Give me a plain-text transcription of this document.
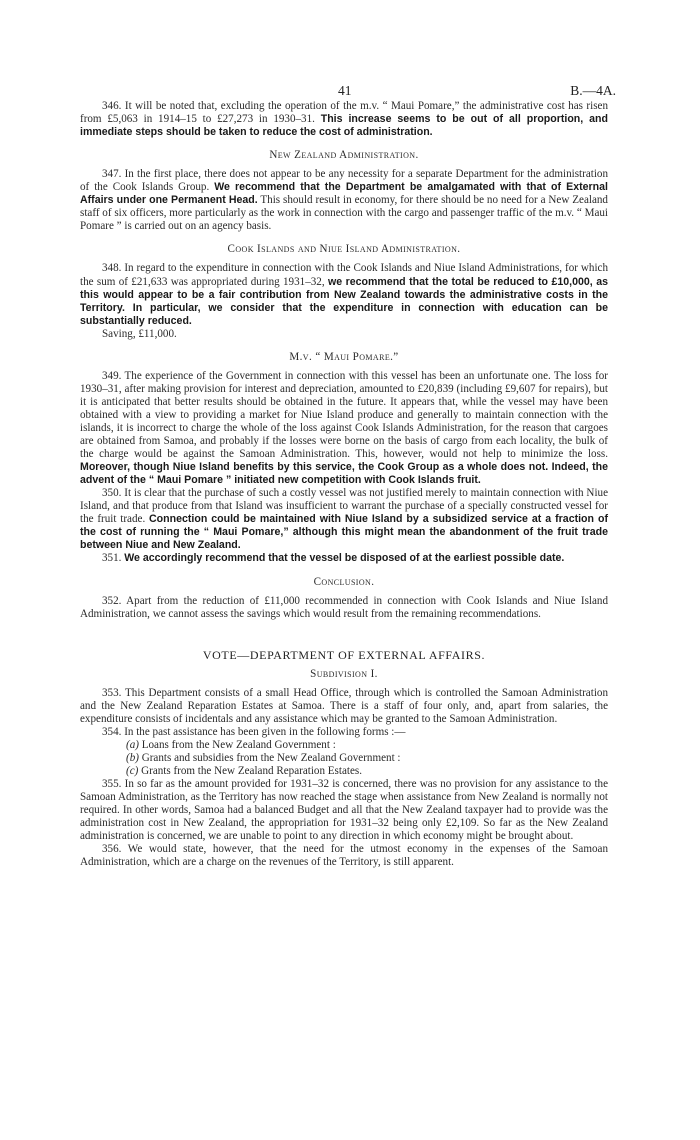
41	B.—4A.

346. It will be noted that, excluding the operation of the m.v. “ Maui Pomare,” the administrative cost has risen from £5,063 in 1914–15 to £27,273 in 1930–31. This increase seems to be out of all proportion, and immediate steps should be taken to reduce the cost of administration.

New Zealand Administration.

347. In the first place, there does not appear to be any necessity for a separate Department for the administration of the Cook Islands Group. We recommend that the Department be amalgamated with that of External Affairs under one Permanent Head. This should result in economy, for there should be no need for a New Zealand staff of six officers, more particularly as the work in connection with the cargo and passenger traffic of the m.v. “ Maui Pomare ” is carried out on an agency basis.

Cook Islands and Niue Island Administration.

348. In regard to the expenditure in connection with the Cook Islands and Niue Island Administrations, for which the sum of £21,633 was appropriated during 1931–32, we recommend that the total be reduced to £10,000, as this would appear to be a fair contribution from New Zealand towards the administrative costs in the Territory. In particular, we consider that the expenditure in connection with education can be substantially reduced.

Saving, £11,000.

M.v. “ Maui Pomare.”

349. The experience of the Government in connection with this vessel has been an unfortunate one. The loss for 1930–31, after making provision for interest and depreciation, amounted to £20,839 (including £9,607 for repairs), but it is anticipated that better results should be obtained in the future. It appears that, while the vessel may have been obtained with a view to providing a market for Niue Island produce and generally to maintain connection with the islands, it is incorrect to charge the whole of the loss against Cook Islands Administration, for the reason that cargoes are obtained from Samoa, and probably if the losses were borne on the basis of cargo from each locality, the bulk of the charge would be against the Samoan Administration. This, however, would not help to minimize the loss. Moreover, though Niue Island benefits by this service, the Cook Group as a whole does not. Indeed, the advent of the “ Maui Pomare ” initiated new competition with Cook Islands fruit.

350. It is clear that the purchase of such a costly vessel was not justified merely to maintain connection with Niue Island, and that produce from that Island was insufficient to warrant the purchase of a specially constructed vessel for the fruit trade. Connection could be maintained with Niue Island by a subsidized service at a fraction of the cost of running the “ Maui Pomare,” although this might mean the abandonment of the fruit trade between Niue and New Zealand.

351. We accordingly recommend that the vessel be disposed of at the earliest possible date.

Conclusion.

352. Apart from the reduction of £11,000 recommended in connection with Cook Islands and Niue Island Administration, we cannot assess the savings which would result from the remaining recommendations.

VOTE—DEPARTMENT OF EXTERNAL AFFAIRS.
Subdivision I.

353. This Department consists of a small Head Office, through which is controlled the Samoan Administration and the New Zealand Reparation Estates at Samoa. There is a staff of four only, and, apart from salaries, the expenditure consists of incidentals and any assistance which may be granted to the Samoan Administration.

354. In the past assistance has been given in the following forms :—

(a) Loans from the New Zealand Government :
(b) Grants and subsidies from the New Zealand Government :
(c) Grants from the New Zealand Reparation Estates.

355. In so far as the amount provided for 1931–32 is concerned, there was no provision for any assistance to the Samoan Administration, as the Territory has now reached the stage when assistance from New Zealand is normally not required. In other words, Samoa had a balanced Budget and all that the New Zealand taxpayer had to provide was the administration cost in New Zealand, the appropriation for 1931–32 being only £2,109. So far as the New Zealand administration is concerned, we are unable to point to any direction in which economy might be brought about.

356. We would state, however, that the need for the utmost economy in the expenses of the Samoan Administration, which are a charge on the revenues of the Territory, is still apparent.
